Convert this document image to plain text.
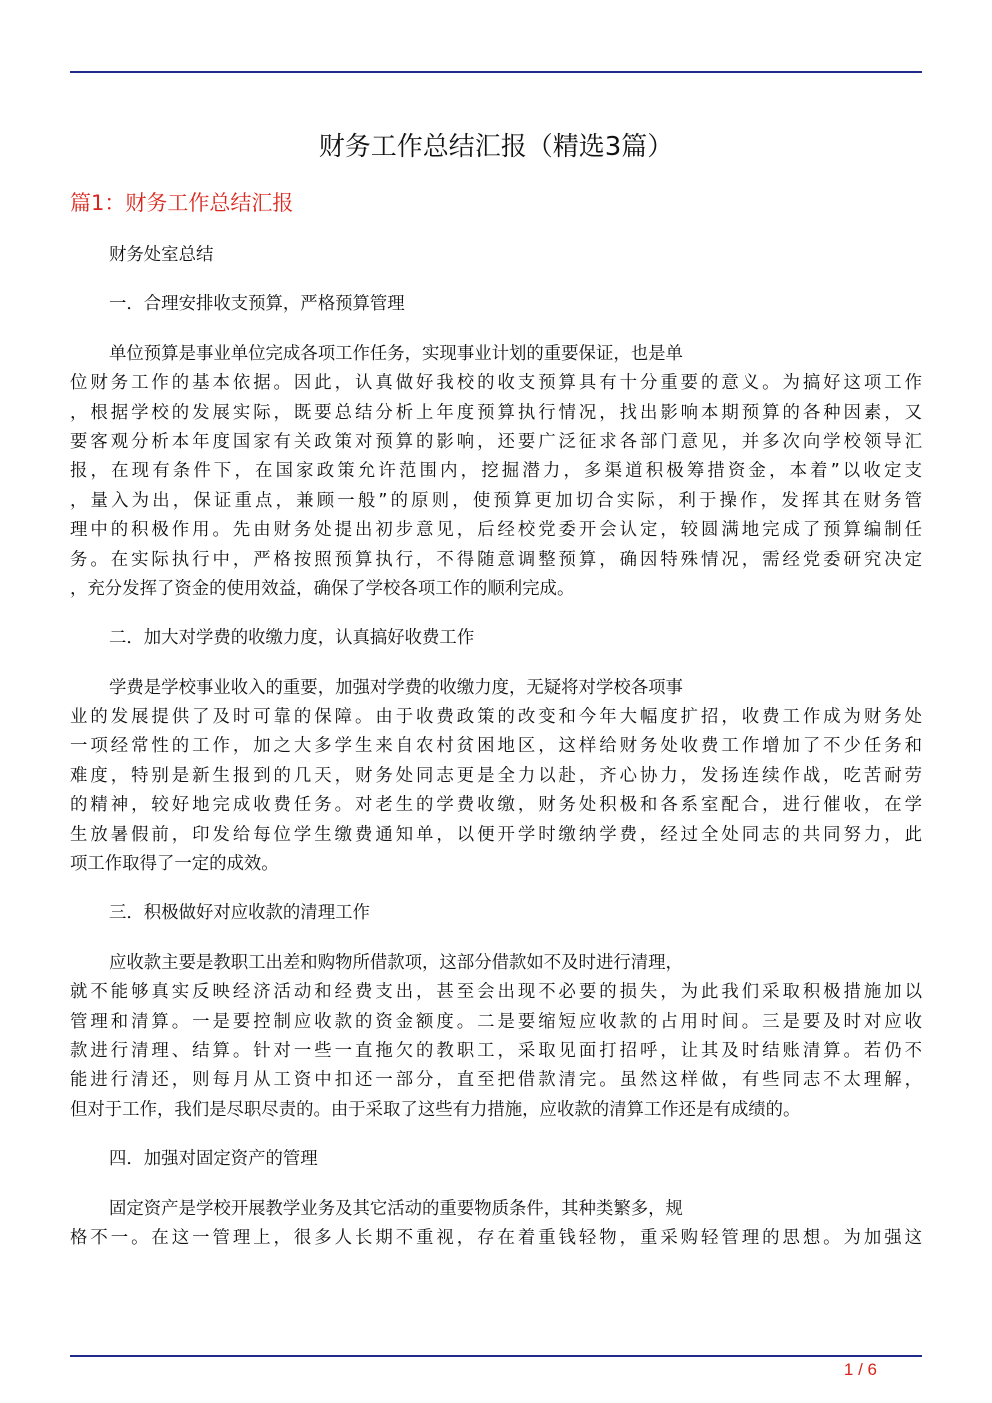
财务工作总结汇报（精选3篇）
篇1：财务工作总结汇报
财务处室总结
一．合理安排收支预算，严格预算管理
单位预算是事业单位完成各项工作任务，实现事业计划的重要保证，也是单
位财务工作的基本依据。因此，认真做好我校的收支预算具有十分重要的意义。为搞好这项工作
，根据学校的发展实际，既要总结分析上年度预算执行情况，找出影响本期预算的各种因素，又
要客观分析本年度国家有关政策对预算的影响，还要广泛征求各部门意见，并多次向学校领导汇
报，在现有条件下，在国家政策允许范围内，挖掘潜力，多渠道积极筹措资金，本着”以收定支
，量入为出，保证重点，兼顾一般”的原则，使预算更加切合实际，利于操作，发挥其在财务管
理中的积极作用。先由财务处提出初步意见，后经校党委开会认定，较圆满地完成了预算编制任
务。在实际执行中，严格按照预算执行，不得随意调整预算，确因特殊情况，需经党委研究决定
，充分发挥了资金的使用效益，确保了学校各项工作的顺利完成。
二．加大对学费的收缴力度，认真搞好收费工作
学费是学校事业收入的重要，加强对学费的收缴力度，无疑将对学校各项事
业的发展提供了及时可靠的保障。由于收费政策的改变和今年大幅度扩招，收费工作成为财务处
一项经常性的工作，加之大多学生来自农村贫困地区，这样给财务处收费工作增加了不少任务和
难度，特别是新生报到的几天，财务处同志更是全力以赴，齐心协力，发扬连续作战，吃苦耐劳
的精神，较好地完成收费任务。对老生的学费收缴，财务处积极和各系室配合，进行催收，在学
生放暑假前，印发给每位学生缴费通知单，以便开学时缴纳学费，经过全处同志的共同努力，此
项工作取得了一定的成效。
三．积极做好对应收款的清理工作
应收款主要是教职工出差和购物所借款项，这部分借款如不及时进行清理，
就不能够真实反映经济活动和经费支出，甚至会出现不必要的损失，为此我们采取积极措施加以
管理和清算。一是要控制应收款的资金额度。二是要缩短应收款的占用时间。三是要及时对应收
款进行清理、结算。针对一些一直拖欠的教职工，采取见面打招呼，让其及时结账清算。若仍不
能进行清还，则每月从工资中扣还一部分，直至把借款清完。虽然这样做，有些同志不太理解，
但对于工作，我们是尽职尽责的。由于采取了这些有力措施，应收款的清算工作还是有成绩的。
四．加强对固定资产的管理
固定资产是学校开展教学业务及其它活动的重要物质条件，其种类繁多，规
格不一。在这一管理上，很多人长期不重视，存在着重钱轻物，重采购轻管理的思想。为加强这
1 / 6
